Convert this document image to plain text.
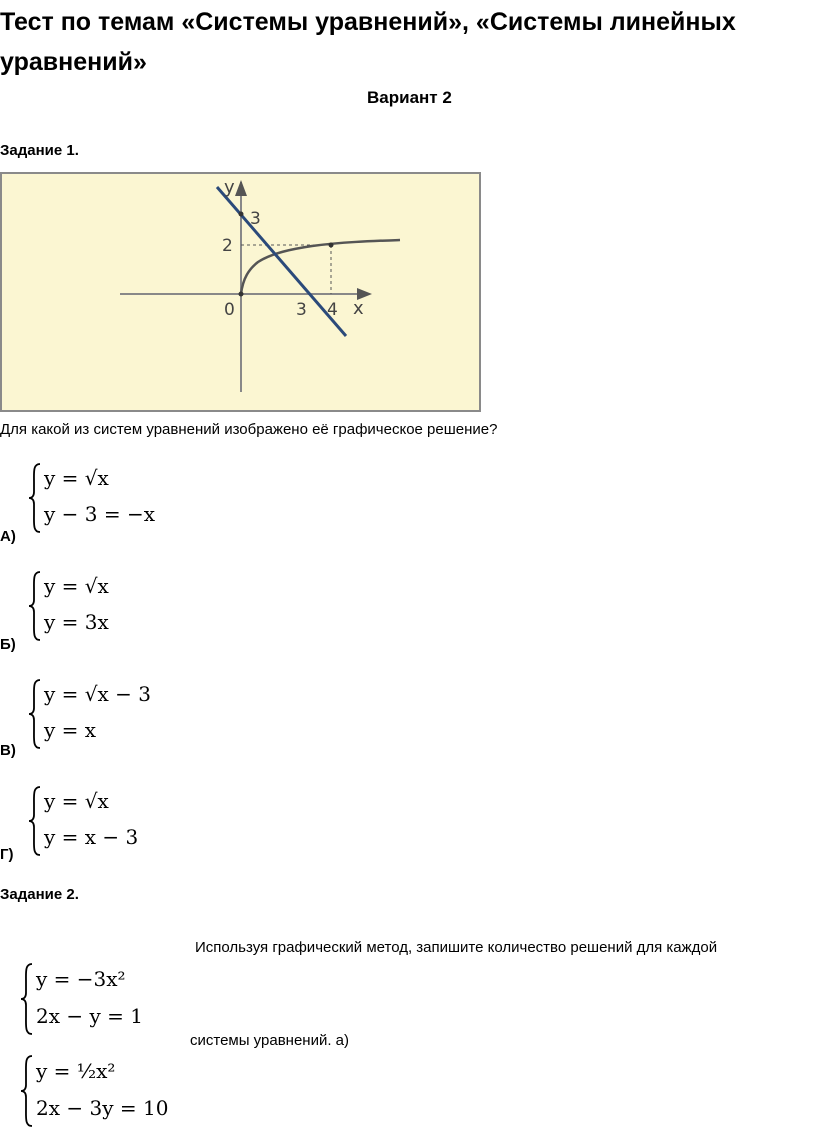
Тест по темам «Системы уравнений», «Системы линейных уравнений»
Вариант 2
Задание 1.
y
x
3
2
0	3 4
Для какой из систем уравнений изображено её графическое решение?
y = √x
y − 3 = −x
А)
y = √x
y = 3x
Б)
y = √x − 3
y = x
В)
y = √x
y = x − 3
Г)
Задание 2.
Используя графический метод, запишите количество решений для каждой
y = −3x²
2x − y = 1
системы уравнений. а)
y = ½x²
2x − 3y = 10
